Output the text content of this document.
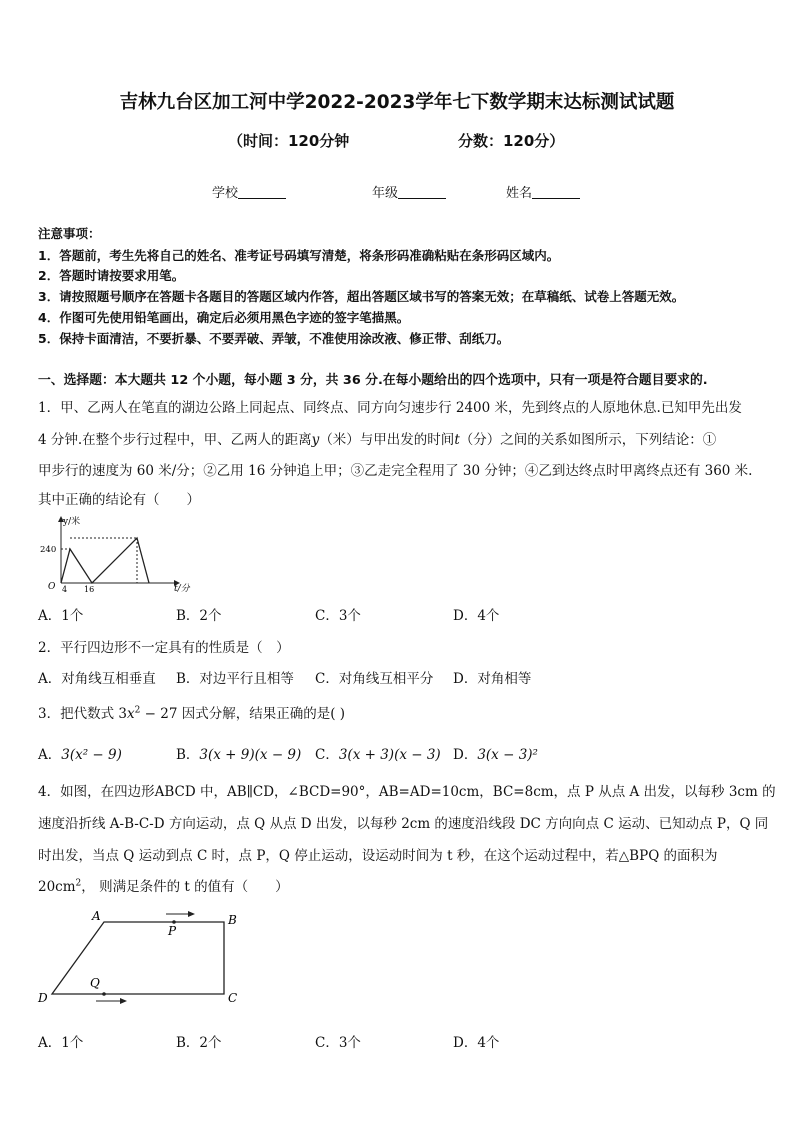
吉林九台区加工河中学2022-2023学年七下数学期末达标测试试题
（时间：120分钟	分数：120分）
学校	年级	姓名
注意事项：
1．答题前，考生先将自己的姓名、准考证号码填写清楚，将条形码准确粘贴在条形码区域内。
2．答题时请按要求用笔。
3．请按照题号顺序在答题卡各题目的答题区域内作答，超出答题区域书写的答案无效；在草稿纸、试卷上答题无效。
4．作图可先使用铅笔画出，确定后必须用黑色字迹的签字笔描黑。
5．保持卡面清洁，不要折暴、不要弄破、弄皱，不准使用涂改液、修正带、刮纸刀。
一、选择题：本大题共 12 个小题，每小题 3 分，共 36 分.在每小题给出的四个选项中，只有一项是符合题目要求的.
1．甲、乙两人在笔直的湖边公路上同起点、同终点、同方向匀速步行 2400 米，先到终点的人原地休息.已知甲先出发
4 分钟.在整个步行过程中，甲、乙两人的距离y（米）与甲出发的时间t（分）之间的关系如图所示，下列结论：①
甲步行的速度为 60 米/分；②乙用 16 分钟追上甲；③乙走完全程用了 30 分钟；④乙到达终点时甲离终点还有 360 米.
其中正确的结论有（　　）
y/米
t/分
O
240
4 16
A．1个	B．2个	C．3个	D．4个
2．平行四边形不一定具有的性质是（　）
A．对角线互相垂直 B．对边平行且相等 C．对角线互相平分 D．对角相等
3．把代数式 $3x^2 - 27$ 因式分解，结果正确的是( )
A．3(x² − 9)	B．3(x + 9)(x − 9) C．3(x + 3)(x − 3) D．3(x − 3)²
4．如图，在四边形ABCD 中，AB∥CD，∠BCD=90°，AB=AD=10cm，BC=8cm，点 P 从点 A 出发，以每秒 3cm 的
速度沿折线 A-B-C-D 方向运动，点 Q 从点 D 出发，以每秒 2cm 的速度沿线段 DC 方向向点 C 运动、已知动点 P，Q 同
时出发，当点 Q 运动到点 C 时，点 P，Q 停止运动，设运动时间为 t 秒，在这个运动过程中，若△BPQ 的面积为
$20cm^2$， 则满足条件的 t 的值有（　　）
A	B
C
D
P
Q
A．1个	B．2个	C．3个	D．4个
